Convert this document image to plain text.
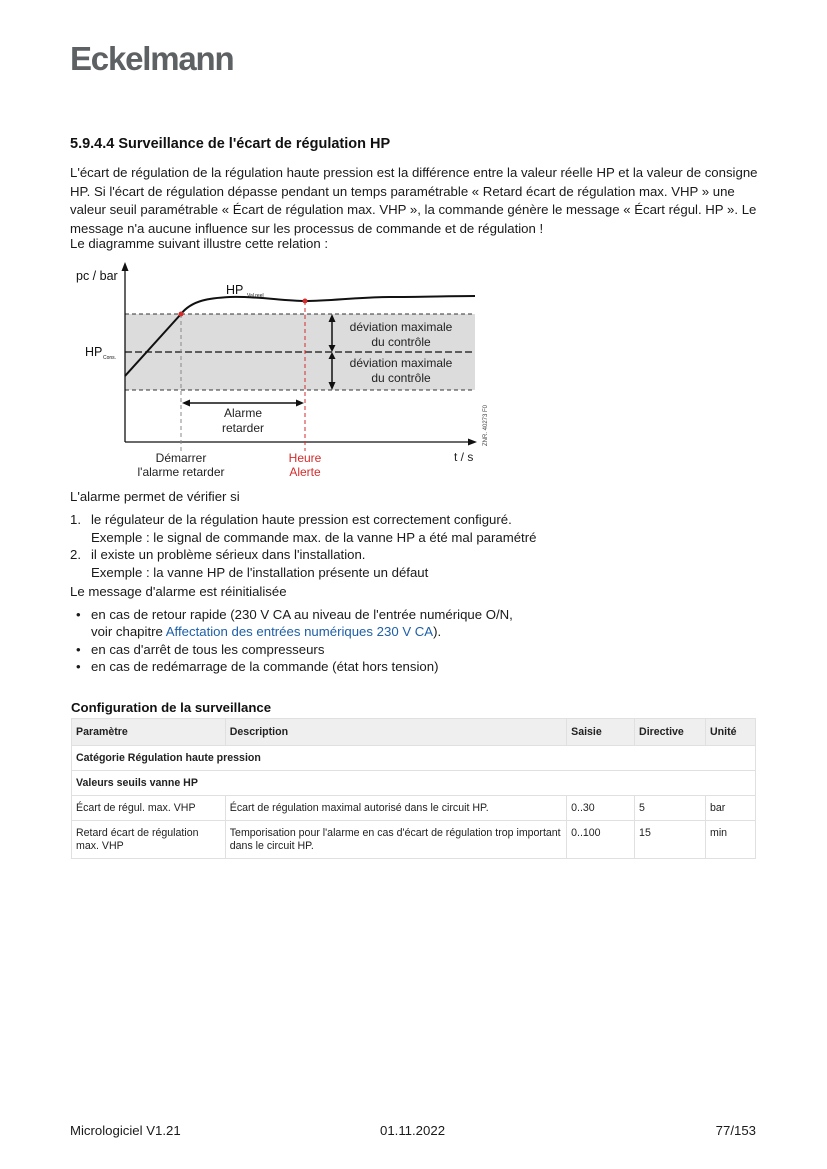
Eckelmann
5.9.4.4 Surveillance de l'écart de régulation HP
L'écart de régulation de la régulation haute pression est la différence entre la valeur réelle HP et la valeur de consigne HP. Si l'écart de régulation dépasse pendant un temps paramétrable « Retard écart de régulation max. VHP » une valeur seuil paramétrable « Écart de régulation max. VHP », la commande génère le message « Écart régul. HP ». Le message n'a aucune influence sur les processus de commande et de régulation !
Le diagramme suivant illustre cette relation :
pc / bar
HP Val.reel
HP Cons.
déviation maximale
du contrôle
déviation maximale
du contrôle
Alarme
retarder
Démarrer
l'alarme retarder
Heure
Alerte
t / s
ZNR. 40273 F0
L'alarme permet de vérifier si
1. le régulateur de la régulation haute pression est correctement configuré.
Exemple : le signal de commande max. de la vanne HP a été mal paramétré
2. il existe un problème sérieux dans l'installation.
Exemple : la vanne HP de l'installation présente un défaut
Le message d'alarme est réinitialisée
• en cas de retour rapide (230 V CA au niveau de l'entrée numérique O/N,
voir chapitre Affectation des entrées numériques 230 V CA).
• en cas d'arrêt de tous les compresseurs
• en cas de redémarrage de la commande (état hors tension)
Configuration de la surveillance
Paramètre	Description	Saisie	Directive	Unité
Catégorie Régulation haute pression				
Valeurs seuils vanne HP				
Écart de régul. max. VHP	Écart de régulation maximal autorisé dans le circuit HP.	0..30	5	bar
Retard écart de régulation max. VHP	Temporisation pour l'alarme en cas d'écart de régulation trop important dans le circuit HP.	0..100	15	min
Micrologiciel V1.21	01.11.2022	77/153
